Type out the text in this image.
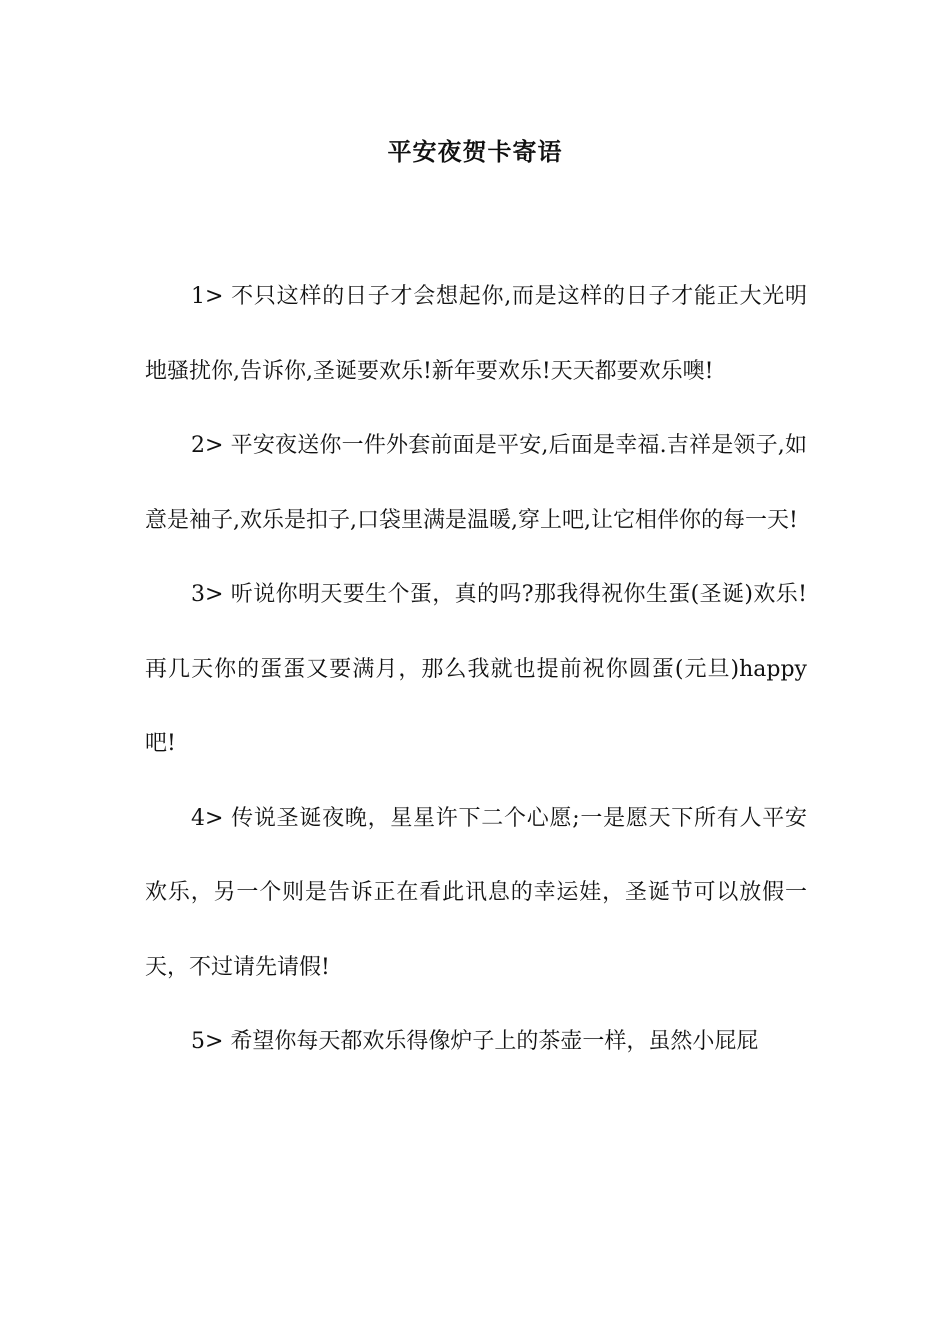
平安夜贺卡寄语

1> 不只这样的日子才会想起你,而是这样的日子才能正大光明地骚扰你,告诉你,圣诞要欢乐!新年要欢乐!天天都要欢乐噢!

2> 平安夜送你一件外套前面是平安,后面是幸福.吉祥是领子,如意是袖子,欢乐是扣子,口袋里满是温暖,穿上吧,让它相伴你的每一天!

3> 听说你明天要生个蛋，真的吗?那我得祝你生蛋(圣诞)欢乐!再几天你的蛋蛋又要满月，那么我就也提前祝你圆蛋(元旦)happy吧!

4> 传说圣诞夜晚，星星许下二个心愿;一是愿天下所有人平安欢乐，另一个则是告诉正在看此讯息的幸运娃，圣诞节可以放假一天，不过请先请假!

5> 希望你每天都欢乐得像炉子上的茶壶一样，虽然小屁屁
